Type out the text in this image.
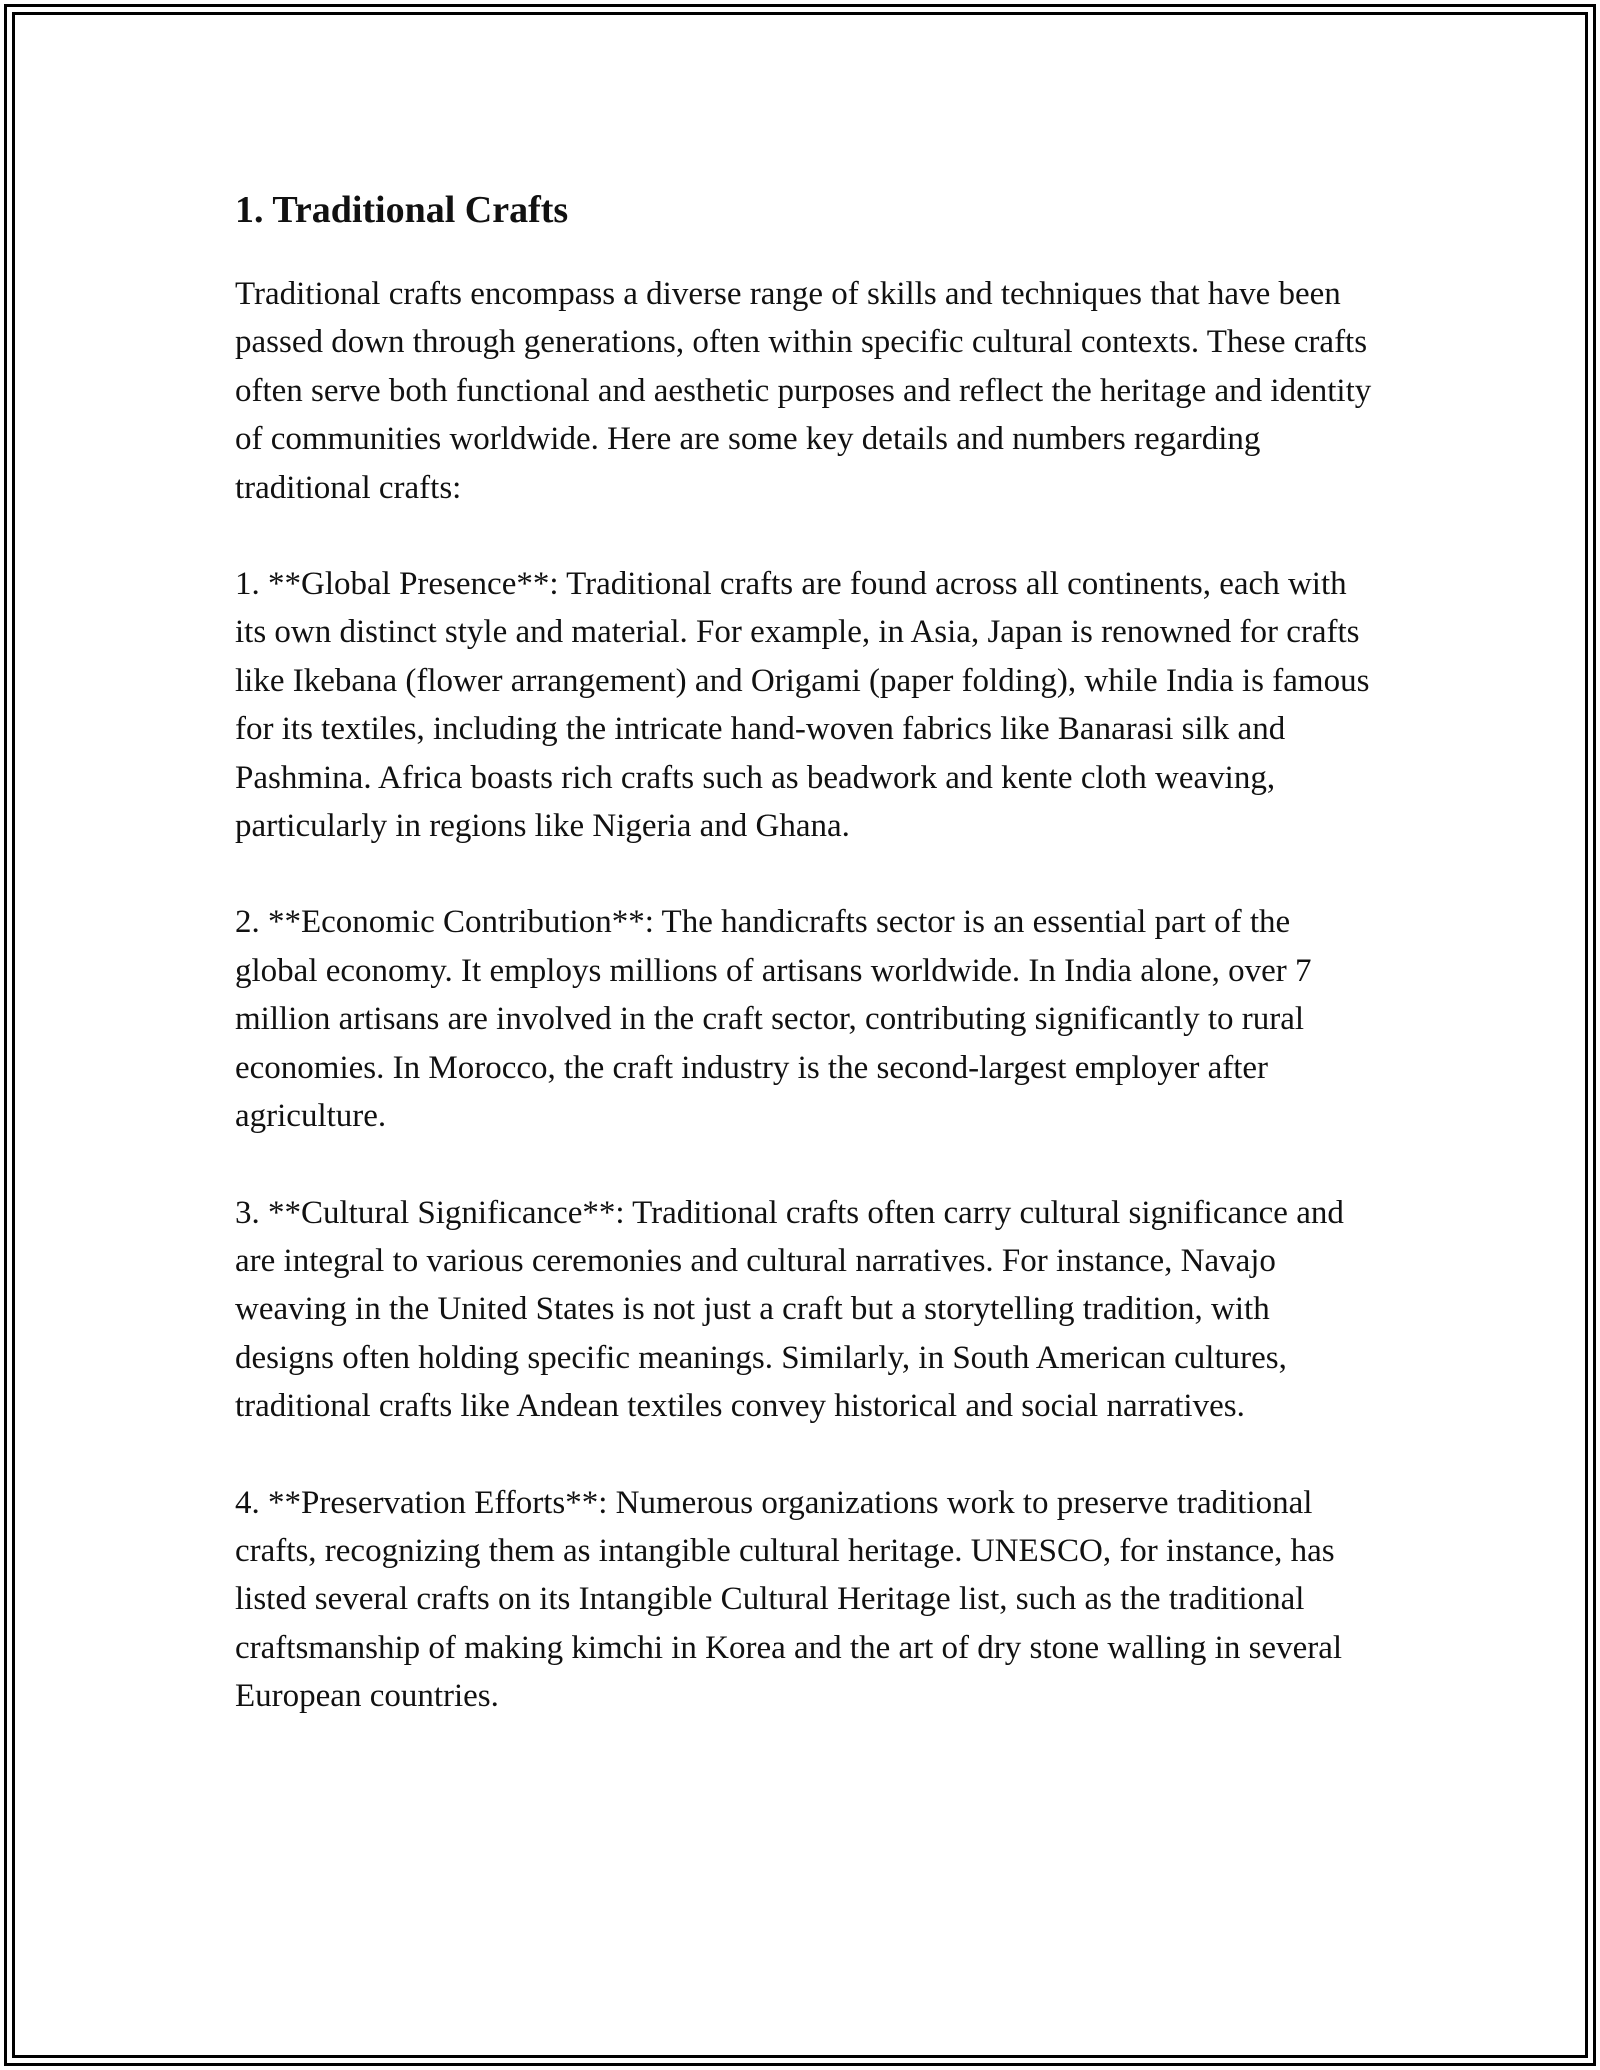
1. Traditional Crafts

Traditional crafts encompass a diverse range of skills and techniques that have been passed down through generations, often within specific cultural contexts. These crafts often serve both functional and aesthetic purposes and reflect the heritage and identity of communities worldwide. Here are some key details and numbers regarding traditional crafts:

1. **Global Presence**: Traditional crafts are found across all continents, each with its own distinct style and material. For example, in Asia, Japan is renowned for crafts like Ikebana (flower arrangement) and Origami (paper folding), while India is famous for its textiles, including the intricate hand-woven fabrics like Banarasi silk and Pashmina. Africa boasts rich crafts such as beadwork and kente cloth weaving, particularly in regions like Nigeria and Ghana.

2. **Economic Contribution**: The handicrafts sector is an essential part of the global economy. It employs millions of artisans worldwide. In India alone, over 7 million artisans are involved in the craft sector, contributing significantly to rural economies. In Morocco, the craft industry is the second-largest employer after agriculture.

3. **Cultural Significance**: Traditional crafts often carry cultural significance and are integral to various ceremonies and cultural narratives. For instance, Navajo weaving in the United States is not just a craft but a storytelling tradition, with designs often holding specific meanings. Similarly, in South American cultures, traditional crafts like Andean textiles convey historical and social narratives.

4. **Preservation Efforts**: Numerous organizations work to preserve traditional crafts, recognizing them as intangible cultural heritage. UNESCO, for instance, has listed several crafts on its Intangible Cultural Heritage list, such as the traditional craftsmanship of making kimchi in Korea and the art of dry stone walling in several European countries.
